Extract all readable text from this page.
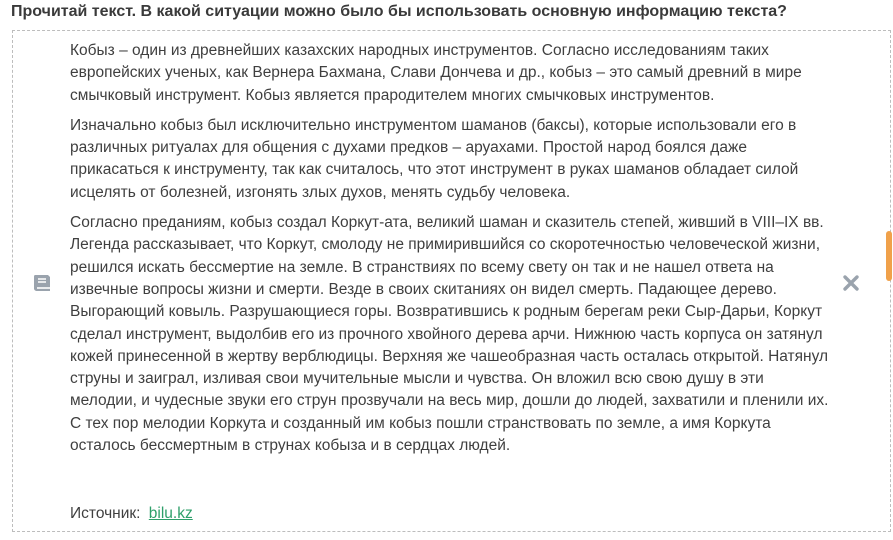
Прочитай текст. В какой ситуации можно было бы использовать основную информацию текста?

Кобыз – один из древнейших казахских народных инструментов. Согласно исследованиям таких европейских ученых, как Вернера Бахмана, Слави Дончева и др., кобыз – это самый древний в мире смычковый инструмент. Кобыз является прародителем многих смычковых инструментов.

Изначально кобыз был исключительно инструментом шаманов (баксы), которые использовали его в различных ритуалах для общения с духами предков – аруахами. Простой народ боялся даже прикасаться к инструменту, так как считалось, что этот инструмент в руках шаманов обладает силой исцелять от болезней, изгонять злых духов, менять судьбу человека.

Согласно преданиям, кобыз создал Коркут-ата, великий шаман и сказитель степей, живший в VIII–IX вв. Легенда рассказывает, что Коркут, смолоду не примирившийся со скоротечностью человеческой жизни, решился искать бессмертие на земле. В странствиях по всему свету он так и не нашел ответа на извечные вопросы жизни и смерти. Везде в своих скитаниях он видел смерть. Падающее дерево. Выгорающий ковыль. Разрушающиеся горы. Возвратившись к родным берегам реки Сыр-Дарьи, Коркут сделал инструмент, выдолбив его из прочного хвойного дерева арчи. Нижнюю часть корпуса он затянул кожей принесенной в жертву верблюдицы. Верхняя же чашеобразная часть осталась открытой. Натянул струны и заиграл, изливая свои мучительные мысли и чувства. Он вложил всю свою душу в эти мелодии, и чудесные звуки его струн прозвучали на весь мир, дошли до людей, захватили и пленили их. С тех пор мелодии Коркута и созданный им кобыз пошли странствовать по земле, а имя Коркута осталось бессмертным в струнах кобыза и в сердцах людей.

Источник: bilu.kz
